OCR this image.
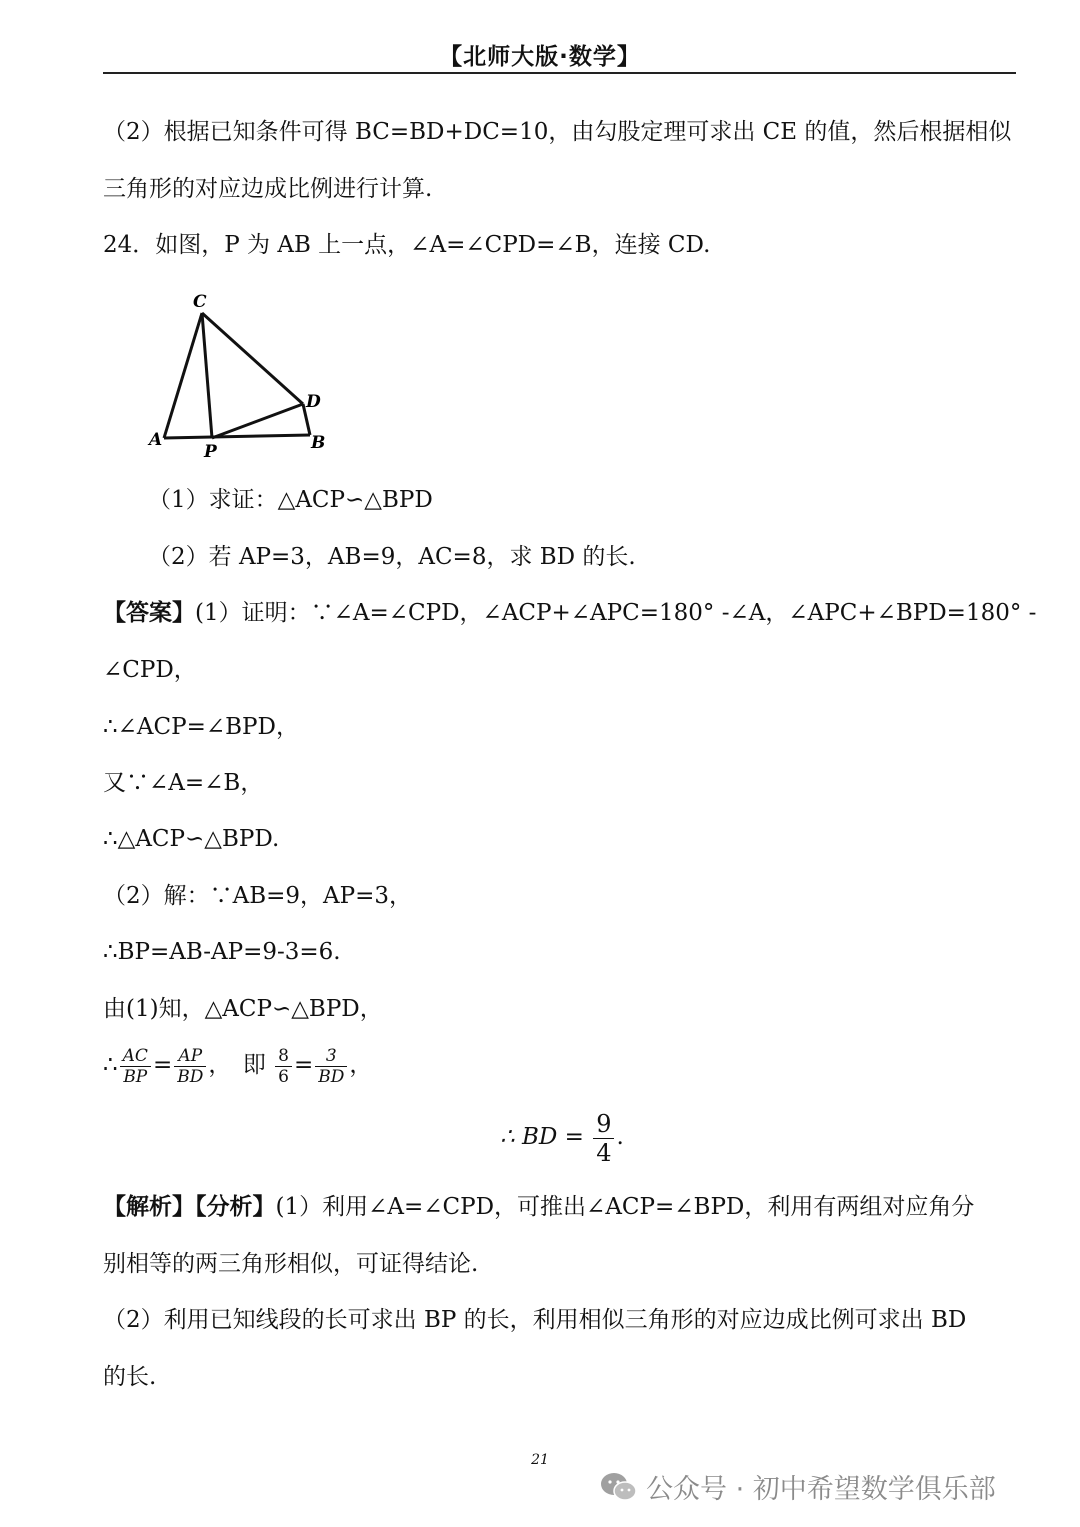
【北师大版·数学】
（2）根据已知条件可得 BC=BD+DC=10，由勾股定理可求出 CE 的值，然后根据相似
三角形的对应边成比例进行计算.
24．如图，P 为 AB 上一点，∠A=∠CPD=∠B，连接 CD.
C
D
A
P	B
（1）求证：△ACP∽△BPD
（2）若 AP=3，AB=9，AC=8，求 BD 的长.
【答案】(1）证明：∵∠A=∠CPD，∠ACP+∠APC=180° -∠A，∠APC+∠BPD=180° -
∠CPD，
∴∠ACP=∠BPD，
又∵∠A=∠B，
∴△ACP∽△BPD.
（2）解：∵AB=9，AP=3，
∴BP=AB-AP=9-3=6.
由(1)知，△ACP∽△BPD，
∴ $\frac{AC}{BP} = \frac{AP}{BD}$ ，　即 $\frac{8}{6} = \frac{3}{BD}$ ，
∴ BD = $\frac{9}{4}$ .
【解析】【分析】(1）利用∠A=∠CPD，可推出∠ACP=∠BPD，利用有两组对应角分
别相等的两三角形相似，可证得结论.
（2）利用已知线段的长可求出 BP 的长，利用相似三角形的对应边成比例可求出 BD
的长.
21
公众号 · 初中希望数学俱乐部
